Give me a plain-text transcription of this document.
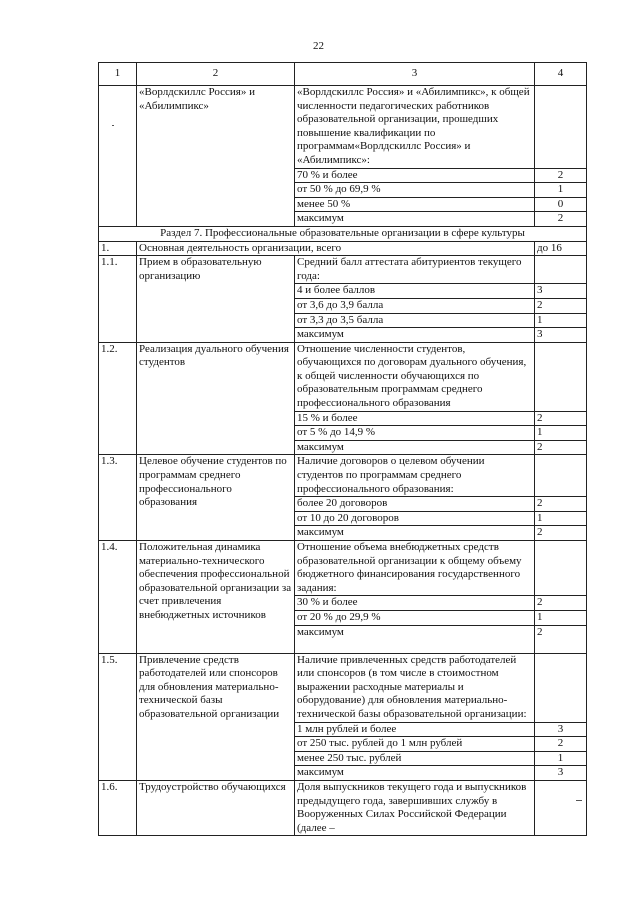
22
1	2	3	4
	«Ворлдскиллс Россия» и «Абилимпикс»	«Ворлдскиллс Россия» и «Абилимпикс», к общей численности педагогических работников образовательной организации, прошедших повышение квалификации по программам«Ворлдскиллс Россия» и «Абилимпикс»:	
		70 % и более	2
		от 50 % до 69,9 %	1
		менее 50 %	0
		максимум	2
Раздел 7. Профессиональные образовательные организации в сфере культуры			
1.	Основная деятельность организации, всего		до 16
1.1.	Прием в образовательную организацию	Средний балл аттестата абитуриентов текущего года:	
		4 и более баллов	3
		от 3,6 до 3,9 балла	2
		от 3,3 до 3,5 балла	1
		максимум	3
1.2.	Реализация дуального обучения студентов	Отношение численности студентов, обучающихся по договорам дуального обучения, к общей численности обучающихся по образовательным программам среднего профессионального образования	
		15 % и более	2
		от 5 % до 14,9 %	1
		максимум	2
1.3.	Целевое обучение студентов по программам среднего профессионального образования	Наличие договоров о целевом обучении студентов по программам среднего профессионального образования:	
		более 20 договоров	2
		от 10 до 20 договоров	1
		максимум	2
1.4.	Положительная динамика материально-технического обеспечения профессиональной образовательной организации за счет привлечения внебюджетных источников	Отношение объема внебюджетных средств образовательной организации к общему объему бюджетного финансирования государственного задания:	
		30 % и более	2
		от 20 % до 29,9 %	1
		максимум	2
1.5.	Привлечение средств работодателей или спонсоров для обновления материально-технической базы образовательной организации	Наличие привлеченных средств работодателей или спонсоров (в том числе в стоимостном выражении расходные материалы и оборудование) для обновления материально-технической базы образовательной организации:	
		1 млн рублей и более	3
		от 250 тыс. рублей до 1 млн рублей	2
		менее 250 тыс. рублей	1
		максимум	3
1.6.	Трудоустройство обучающихся	Доля выпускников текущего года и выпускников предыдущего года, завершивших службу в Вооруженных Силах Российской Федерации (далее –	
